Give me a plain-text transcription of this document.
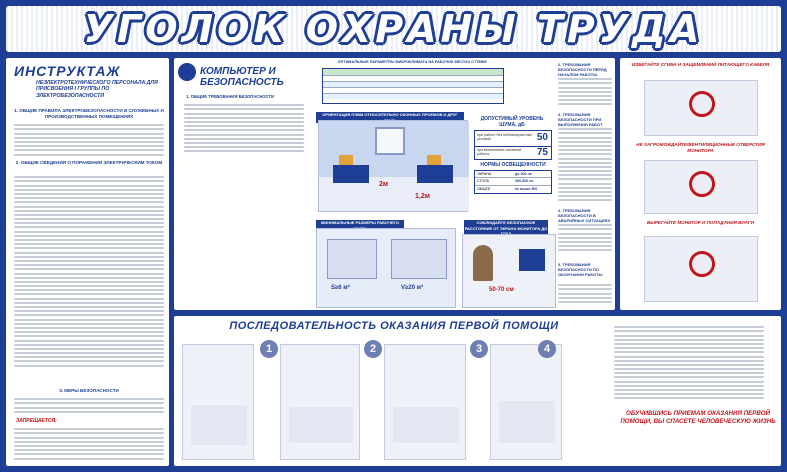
УГОЛОК ОХРАНЫ ТРУДА
ИНСТРУКТАЖ
НЕЭЛЕКТРОТЕХНИЧЕСКОГО ПЕРСОНАЛА ДЛЯ ПРИСВОЕНИЯ I ГРУППЫ ПО ЭЛЕКТРОБЕЗОПАСНОСТИ
1. ОБЩИЕ ПРАВИЛА ЭЛЕКТРОБЕЗОПАСНОСТИ В СЛУЖЕБНЫХ И ПРОИЗВОДСТВЕННЫХ ПОМЕЩЕНИЯХ
2. ОБЩИЕ СВЕДЕНИЯ О ПОРАЖЕНИИ ЭЛЕКТРИЧЕСКИМ ТОКОМ
3. МЕРЫ БЕЗОПАСНОСТИ
ЗАПРЕЩАЕТСЯ:
КОМПЬЮТЕР И БЕЗОПАСНОСТЬ
1. ОБЩИЕ ТРЕБОВАНИЯ БЕЗОПАСНОСТИ
ОПТИМАЛЬНЫЕ ПАРАМЕТРЫ МИКРОКЛИМАТА НА РАБОЧИХ МЕСТАХ С ПЭВМ
ОРИЕНТАЦИЯ ПЭВМ ОТНОСИТЕЛЬНО ОКОННЫХ ПРОЕМОВ И ДРУГ
2м
1,2м
ДОПУСТИМЫЙ УРОВЕНЬ ШУМА, дБ
при работе без неблагоприятных условий	50
при выполнении основной работы	75
НОРМЫ ОСВЕЩЕННОСТИ
ЭКРАНА	до 300 лк
СТОЛА	300-500 лк
ОБЩЕЕ	не выше 500
МИНИМАЛЬНЫЕ РАЗМЕРЫ РАБОЧЕГО
S≥6 м²	V≥20 м³
СОБЛЮДАЙТЕ БЕЗОПАСНОЕ РАССТОЯНИЕ ОТ ЭКРАНА МОНИТОРА ДО
50-70 см
2. ТРЕБОВАНИЯ БЕЗОПАСНОСТИ ПЕРЕД НАЧАЛОМ РАБОТЫ
3. ТРЕБОВАНИЯ БЕЗОПАСНОСТИ ПРИ ВЫПОЛНЕНИИ РАБОТ
4. ТРЕБОВАНИЯ БЕЗОПАСНОСТИ В АВАРИЙНЫХ СИТУАЦИЯХ
5. ТРЕБОВАНИЯ БЕЗОПАСНОСТИ ПО ОКОНЧАНИИ РАБОТЫ
ИЗБЕГАЙТЕ СГИБА И ЗАЩЕМЛЕНИЙ ПИТАЮЩЕГО КАБЕЛЯ
НЕ ЗАГРОМОЖДАЙТЕ/ВЕНТИЛЯЦИОННЫЕ ОТВЕРСТИЯ МОНИТОРА
ВЫРЕГАЙТЕ МОНИТОР И ПОПАДАНИЯ ВЛАГИ
ПОСЛЕДОВАТЕЛЬНОСТЬ ОКАЗАНИЯ ПЕРВОЙ ПОМОЩИ
1	2	3	4
ОБУЧИВШИСЬ ПРИЕМАМ ОКАЗАНИЯ ПЕРВОЙ ПОМОЩИ, ВЫ СПАСЕТЕ ЧЕЛОВЕЧЕСКУЮ ЖИЗНЬ
